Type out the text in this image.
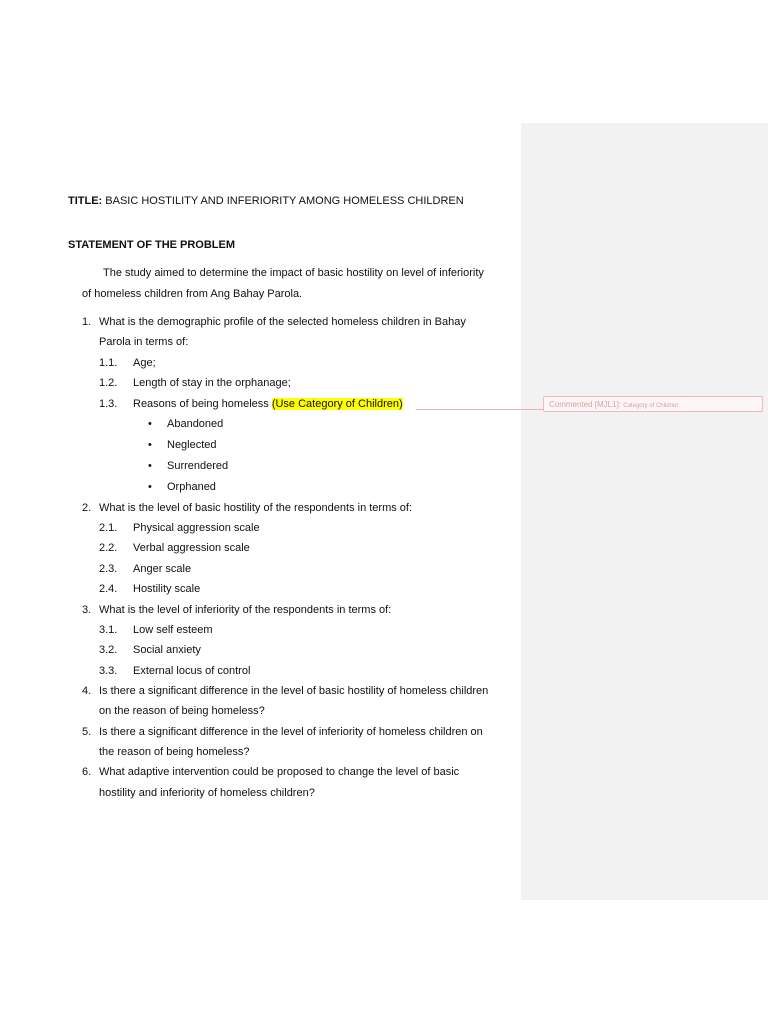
Commented [MJL1]: Category of Children:
TITLE: BASIC HOSTILITY AND INFERIORITY AMONG HOMELESS CHILDREN
STATEMENT OF THE PROBLEM
The study aimed to determine the impact of basic hostility on level of inferiority
of homeless children from Ang Bahay Parola.
1. What is the demographic profile of the selected homeless children in Bahay
Parola in terms of:
1.1. Age;
1.2. Length of stay in the orphanage;
1.3. Reasons of being homeless (Use Category of Children)
• Abandoned
• Neglected
• Surrendered
• Orphaned
2. What is the level of basic hostility of the respondents in terms of:
2.1. Physical aggression scale
2.2. Verbal aggression scale
2.3. Anger scale
2.4. Hostility scale
3. What is the level of inferiority of the respondents in terms of:
3.1. Low self esteem
3.2. Social anxiety
3.3. External locus of control
4. Is there a significant difference in the level of basic hostility of homeless children
on the reason of being homeless?
5. Is there a significant difference in the level of inferiority of homeless children on
the reason of being homeless?
6. What adaptive intervention could be proposed to change the level of basic
hostility and inferiority of homeless children?
